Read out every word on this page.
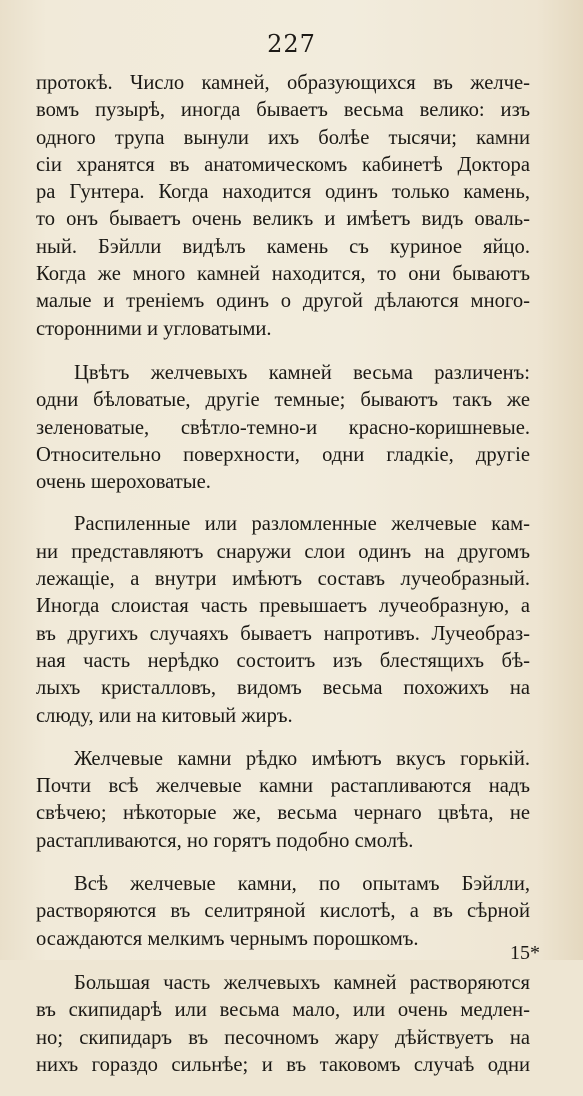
227
протокѣ. Число камней, образующихся въ желче-
вомъ пузырѣ, иногда бываетъ весьма велико: изъ
одного трупа вынули ихъ болѣе тысячи; камни
сіи хранятся въ анатомическомъ кабинетѣ Доктора
ра Гунтера. Когда находится одинъ только камень,
то онъ бываетъ очень великъ и имѣетъ видъ оваль-
ный. Бэйлли видѣлъ камень съ куриное яйцо.
Когда же много камней находится, то они бываютъ
малые и треніемъ одинъ о другой дѣлаются много-
сторонними и угловатыми.
Цвѣтъ желчевыхъ камней весьма различенъ:
одни бѣловатые, другіе темные; бываютъ такъ же
зеленоватые, свѣтло-темно-и красно-коришневые.
Относительно поверхности, одни гладкіе, другіе
очень шероховатые.
Распиленные или разломленные желчевые кам-
ни представляютъ снаружи слои одинъ на другомъ
лежащіе, а внутри имѣютъ составъ лучеобразный.
Иногда слоистая часть превышаетъ лучеобразную, а
въ другихъ случаяхъ бываетъ напротивъ. Лучеобраз-
ная часть нерѣдко состоитъ изъ блестящихъ бѣ-
лыхъ кристалловъ, видомъ весьма похожихъ на
слюду, или на китовый жиръ.
Желчевые камни рѣдко имѣютъ вкусъ горькій.
Почти всѣ желчевые камни растапливаются надъ
свѣчею; нѣкоторые же, весьма чернаго цвѣта, не
растапливаются, но горятъ подобно смолѣ.
Всѣ желчевые камни, по опытамъ Бэйлли,
растворяются въ селитряной кислотѣ, а въ сѣрной
осаждаются мелкимъ чернымъ порошкомъ.
Большая часть желчевыхъ камней растворяются
въ скипидарѣ или весьма мало, или очень медлен-
но; скипидаръ въ песочномъ жару дѣйствуетъ на
нихъ гораздо сильнѣе; и въ таковомъ случаѣ одни
15*
